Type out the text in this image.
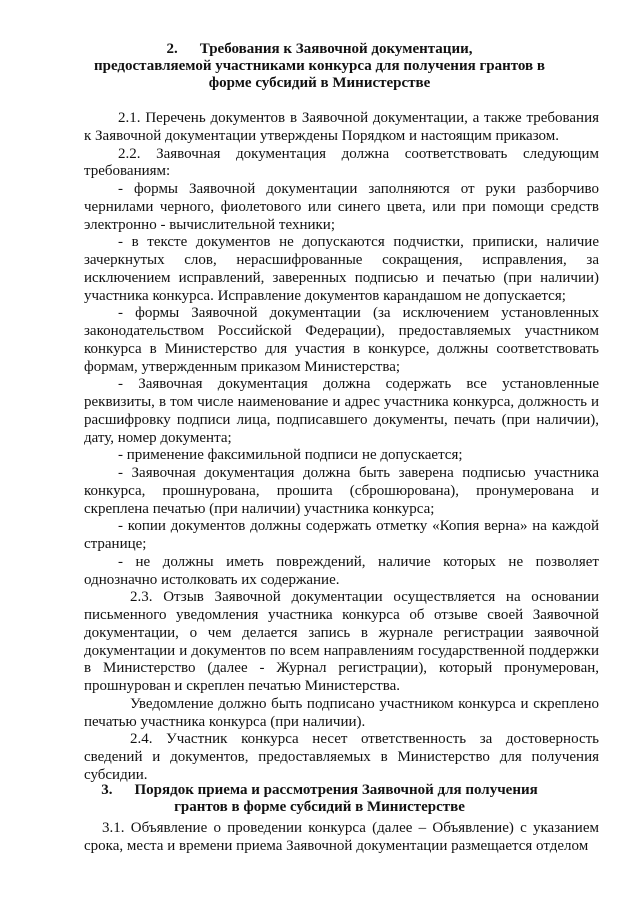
2. Требования к Заявочной документации,
предоставляемой участниками конкурса для получения грантов в
форме субсидий в Министерстве

2.1. Перечень документов в Заявочной документации, а также требования к Заявочной документации утверждены Порядком и настоящим приказом.

2.2. Заявочная документация должна соответствовать следующим требованиям:

- формы Заявочной документации заполняются от руки разборчиво чернилами черного, фиолетового или синего цвета, или при помощи средств электронно - вычислительной техники;

- в тексте документов не допускаются подчистки, приписки, наличие зачеркнутых слов, нерасшифрованные сокращения, исправления, за исключением исправлений, заверенных подписью и печатью (при наличии) участника конкурса. Исправление документов карандашом не допускается;

- формы Заявочной документации (за исключением установленных законодательством Российской Федерации), предоставляемых участником конкурса в Министерство для участия в конкурсе, должны соответствовать формам, утвержденным приказом Министерства;

- Заявочная документация должна содержать все установленные реквизиты, в том числе наименование и адрес участника конкурса, должность и расшифровку подписи лица, подписавшего документы, печать (при наличии), дату, номер документа;

- применение факсимильной подписи не допускается;

- Заявочная документация должна быть заверена подписью участника конкурса, прошнурована, прошита (сброшюрована), пронумерована и скреплена печатью (при наличии) участника конкурса;

- копии документов должны содержать отметку «Копия верна» на каждой странице;

- не должны иметь повреждений, наличие которых не позволяет однозначно истолковать их содержание.

2.3. Отзыв Заявочной документации осуществляется на основании письменного уведомления участника конкурса об отзыве своей Заявочной документации, о чем делается запись в журнале регистрации заявочной документации и документов по всем направлениям государственной поддержки в Министерство (далее - Журнал регистрации), который пронумерован, прошнурован и скреплен печатью Министерства.

Уведомление должно быть подписано участником конкурса и скреплено печатью участника конкурса (при наличии).

2.4. Участник конкурса несет ответственность за достоверность сведений и документов, предоставляемых в Министерство для получения субсидии.

3. Порядок приема и рассмотрения Заявочной для получения
грантов в форме субсидий в Министерстве

3.1. Объявление о проведении конкурса (далее – Объявление) с указанием срока, места и времени приема Заявочной документации размещается отделом
